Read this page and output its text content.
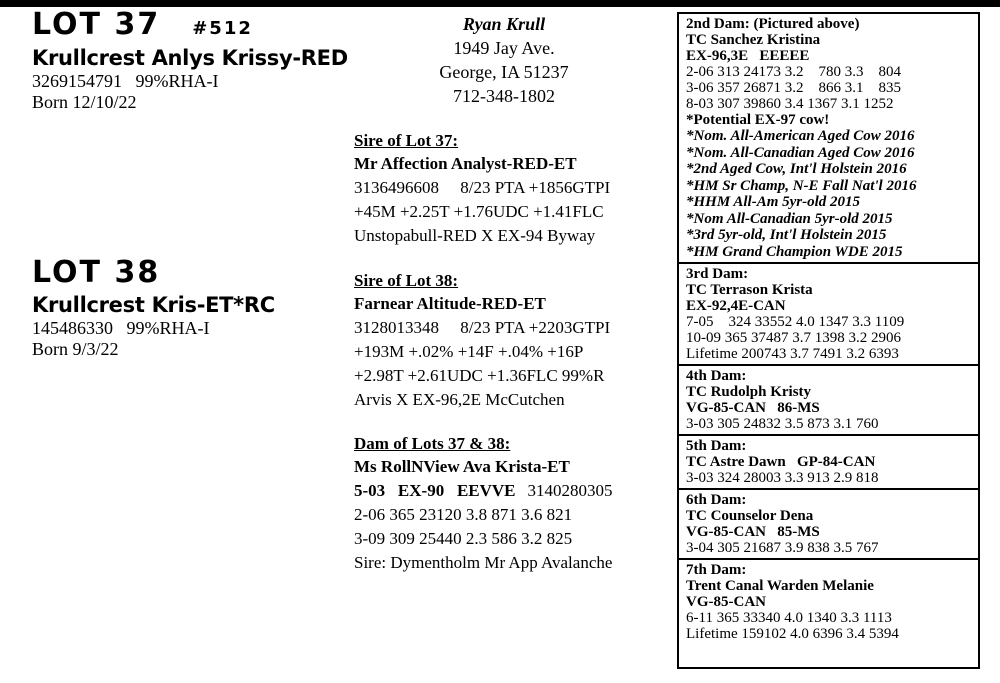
LOT 37 #512
Krullcrest Anlys Krissy-RED
3269154791   99%RHA-I
Born 12/10/22
LOT 38
Krullcrest Kris-ET*RC
145486330   99%RHA-I
Born 9/3/22
Ryan Krull
1949 Jay Ave.
George, IA 51237
712-348-1802

Sire of Lot 37:

Mr Affection Analyst-RED-ET

3136496608     8/23 PTA +1856GTPI

+45M +2.25T +1.76UDC +1.41FLC

Unstopabull-RED X EX-94 Byway

Sire of Lot 38:

Farnear Altitude-RED-ET

3128013348     8/23 PTA +2203GTPI

+193M +.02% +14F +.04% +16P

+2.98T +2.61UDC +1.36FLC 99%R

Arvis X EX-96,2E McCutchen

Dam of Lots 37 & 38:

Ms RollNView Ava Krista-ET

5-03   EX-90   EEVVE 3140280305

2-06 365 23120 3.8 871 3.6 821

3-09 309 25440 2.3 586 3.2 825

Sire: Dymentholm Mr App Avalanche

2nd Dam: (Pictured above)
TC Sanchez Kristina
EX-96,3E   EEEEE
2-06 313 24173 3.2    780 3.3    804
3-06 357 26871 3.2    866 3.1    835
8-03 307 39860 3.4 1367 3.1 1252
*Potential EX-97 cow!
*Nom. All-American Aged Cow 2016
*Nom. All-Canadian Aged Cow 2016
*2nd Aged Cow, Int'l Holstein 2016
*HM Sr Champ, N-E Fall Nat'l 2016
*HHM All-Am 5yr-old 2015
*Nom All-Canadian 5yr-old 2015
*3rd 5yr-old, Int'l Holstein 2015
*HM Grand Champion WDE 2015
3rd Dam:
TC Terrason Krista
EX-92,4E-CAN
7-05    324 33552 4.0 1347 3.3 1109
10-09 365 37487 3.7 1398 3.2 2906
Lifetime 200743 3.7 7491 3.2 6393
4th Dam:
TC Rudolph Kristy
VG-85-CAN   86-MS
3-03 305 24832 3.5 873 3.1 760
5th Dam:
TC Astre Dawn   GP-84-CAN
3-03 324 28003 3.3 913 2.9 818
6th Dam:
TC Counselor Dena
VG-85-CAN   85-MS
3-04 305 21687 3.9 838 3.5 767
7th Dam:
Trent Canal Warden Melanie
VG-85-CAN
6-11 365 33340 4.0 1340 3.3 1113
Lifetime 159102 4.0 6396 3.4 5394
